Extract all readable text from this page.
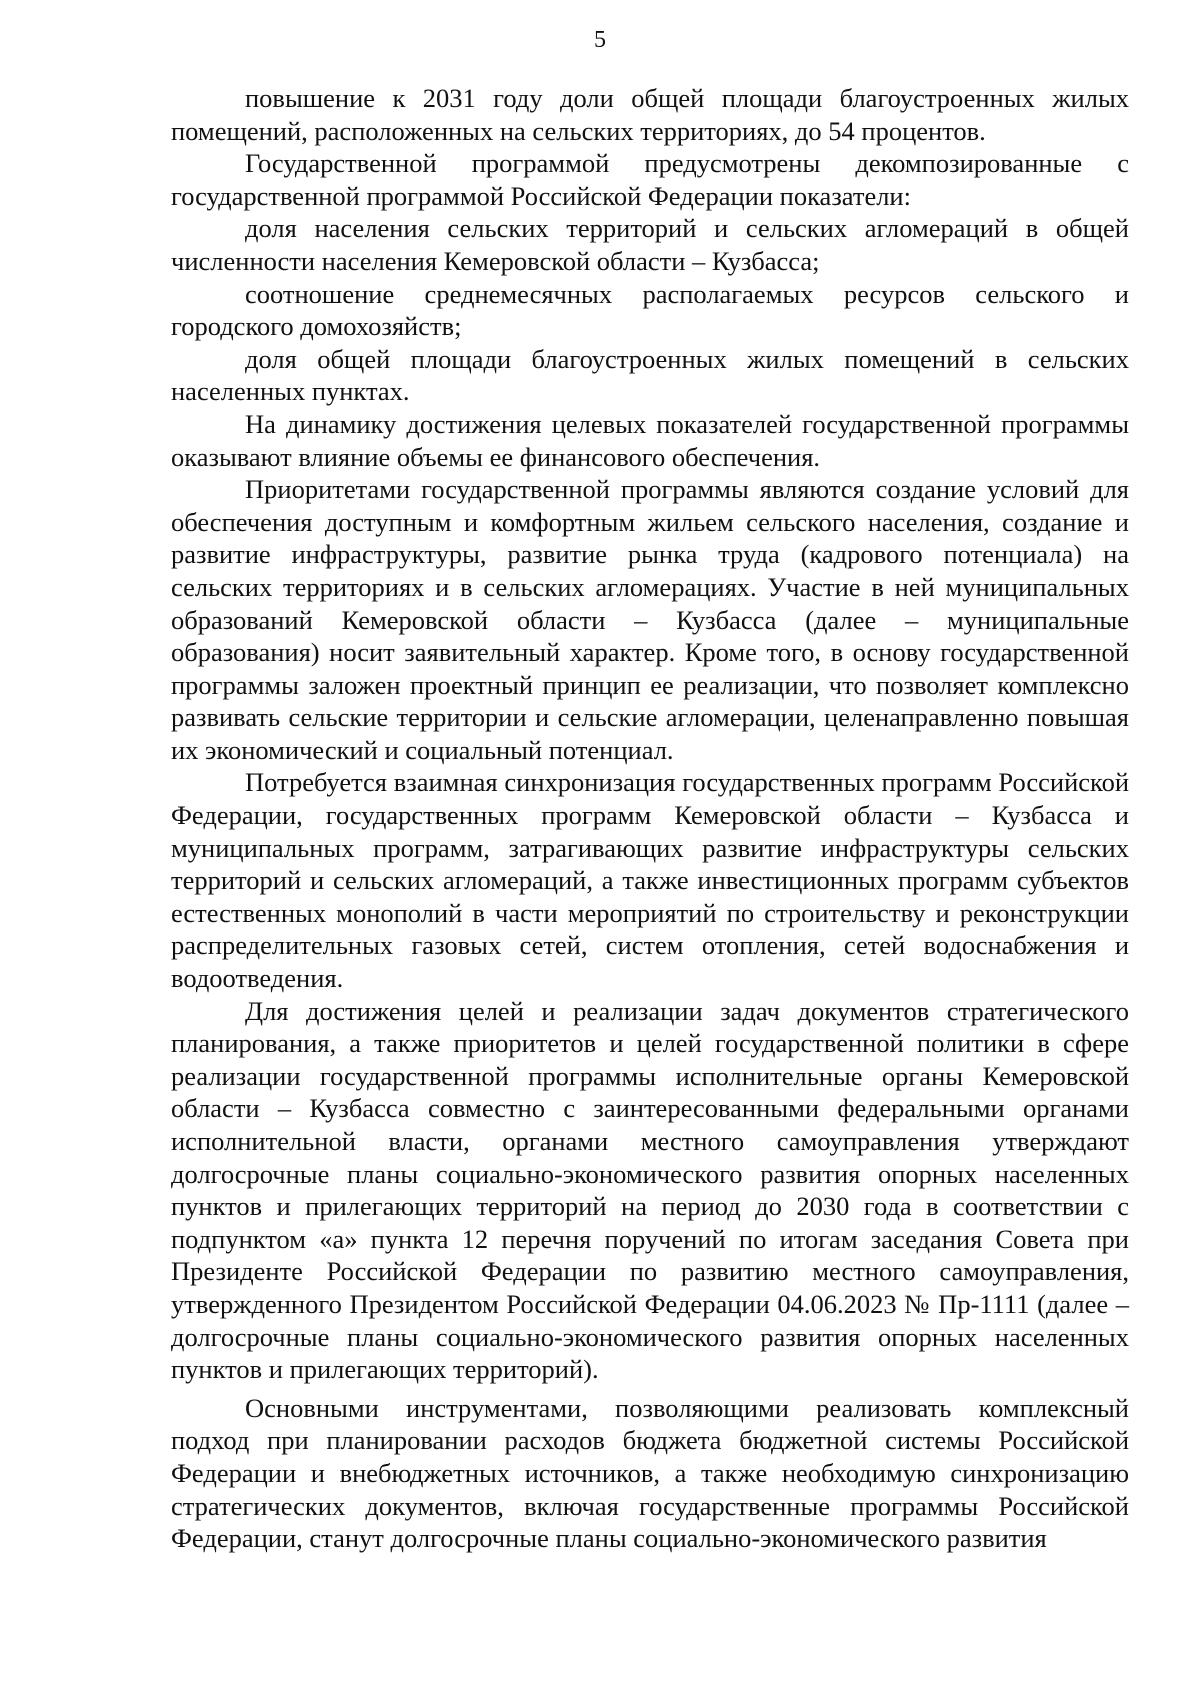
5

повышение к 2031 году доли общей площади благоустроенных жилых помещений, расположенных на сельских территориях, до 54 процентов.

Государственной программой предусмотрены декомпозированные с государственной программой Российской Федерации показатели:

доля населения сельских территорий и сельских агломераций в общей численности населения Кемеровской области – Кузбасса;

соотношение среднемесячных располагаемых ресурсов сельского и городского домохозяйств;

доля общей площади благоустроенных жилых помещений в сельских населенных пунктах.

На динамику достижения целевых показателей государственной программы оказывают влияние объемы ее финансового обеспечения.

Приоритетами государственной программы являются создание условий для обеспечения доступным и комфортным жильем сельского населения, создание и развитие инфраструктуры, развитие рынка труда (кадрового потенциала) на сельских территориях и в сельских агломерациях. Участие в ней муниципальных образований Кемеровской области – Кузбасса (далее – муниципальные образования) носит заявительный характер. Кроме того, в основу государственной программы заложен проектный принцип ее реализации, что позволяет комплексно развивать сельские территории и сельские агломерации, целенаправленно повышая их экономический и социальный потенциал.

Потребуется взаимная синхронизация государственных программ Российской Федерации, государственных программ Кемеровской области – Кузбасса и муниципальных программ, затрагивающих развитие инфраструктуры сельских территорий и сельских агломераций, а также инвестиционных программ субъектов естественных монополий в части мероприятий по строительству и реконструкции распределительных газовых сетей, систем отопления, сетей водоснабжения и водоотведения.

Для достижения целей и реализации задач документов стратегического планирования, а также приоритетов и целей государственной политики в сфере реализации государственной программы исполнительные органы Кемеровской области – Кузбасса совместно с заинтересованными федеральными органами исполнительной власти, органами местного самоуправления утверждают долгосрочные планы социально-экономического развития опорных населенных пунктов и прилегающих территорий на период до 2030 года в соответствии с подпунктом «а» пункта 12 перечня поручений по итогам заседания Совета при Президенте Российской Федерации по развитию местного самоуправления, утвержденного Президентом Российской Федерации 04.06.2023 № Пр-1111 (далее – долгосрочные планы социально-экономического развития опорных населенных пунктов и прилегающих территорий).

Основными инструментами, позволяющими реализовать комплексный подход при планировании расходов бюджета бюджетной системы Российской Федерации и внебюджетных источников, а также необходимую синхронизацию стратегических документов, включая государственные программы Российской Федерации, станут долгосрочные планы социально-экономического развития
